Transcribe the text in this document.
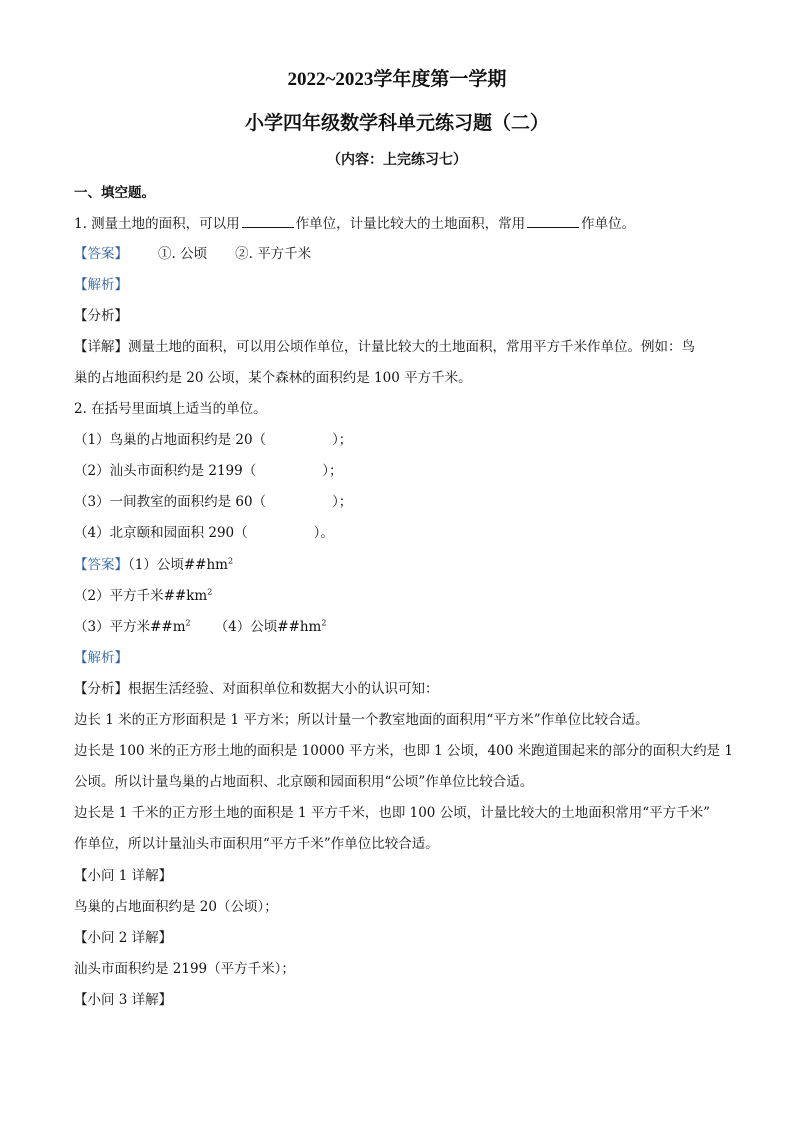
2022~2023学年度第一学期
小学四年级数学科单元练习题（二）
（内容：上完练习七）
一、填空题。
1. 测量土地的面积，可以用	作单位，计量比较大的土地面积，常用	作单位。
【答案】 ①. 公顷 ②. 平方千米
【解析】
【分析】
【详解】测量土地的面积，可以用公顷作单位，计量比较大的土地面积，常用平方千米作单位。例如：鸟
巢的占地面积约是 20 公顷，某个森林的面积约是 100 平方千米。
2. 在括号里面填上适当的单位。
（1）鸟巢的占地面积约是 20（	）；
（2）汕头市面积约是 2199（	）；
（3）一间教室的面积约是 60（	）；
（4）北京颐和园面积 290（	）。
【答案】（1）公顷$\#\#hm^2$
（2）平方千米$\#\#km^2$
（3）平方米$\#\#m^2$ （4）公顷$\#\#hm^2$
【解析】
【分析】根据生活经验、对面积单位和数据大小的认识可知：
边长 1 米的正方形面积是 1 平方米；所以计量一个教室地面的面积用“平方米”作单位比较合适。
边长是 100 米的正方形土地的面积是 10000 平方米，也即 1 公顷，400 米跑道围起来的部分的面积大约是 1
公顷。所以计量鸟巢的占地面积、北京颐和园面积用“公顷”作单位比较合适。
边长是 1 千米的正方形土地的面积是 1 平方千米，也即 100 公顷，计量比较大的土地面积常用“平方千米”
作单位，所以计量汕头市面积用“平方千米”作单位比较合适。
【小问 1 详解】
鸟巢的占地面积约是 20（公顷）；
【小问 2 详解】
汕头市面积约是 2199（平方千米）；
【小问 3 详解】
